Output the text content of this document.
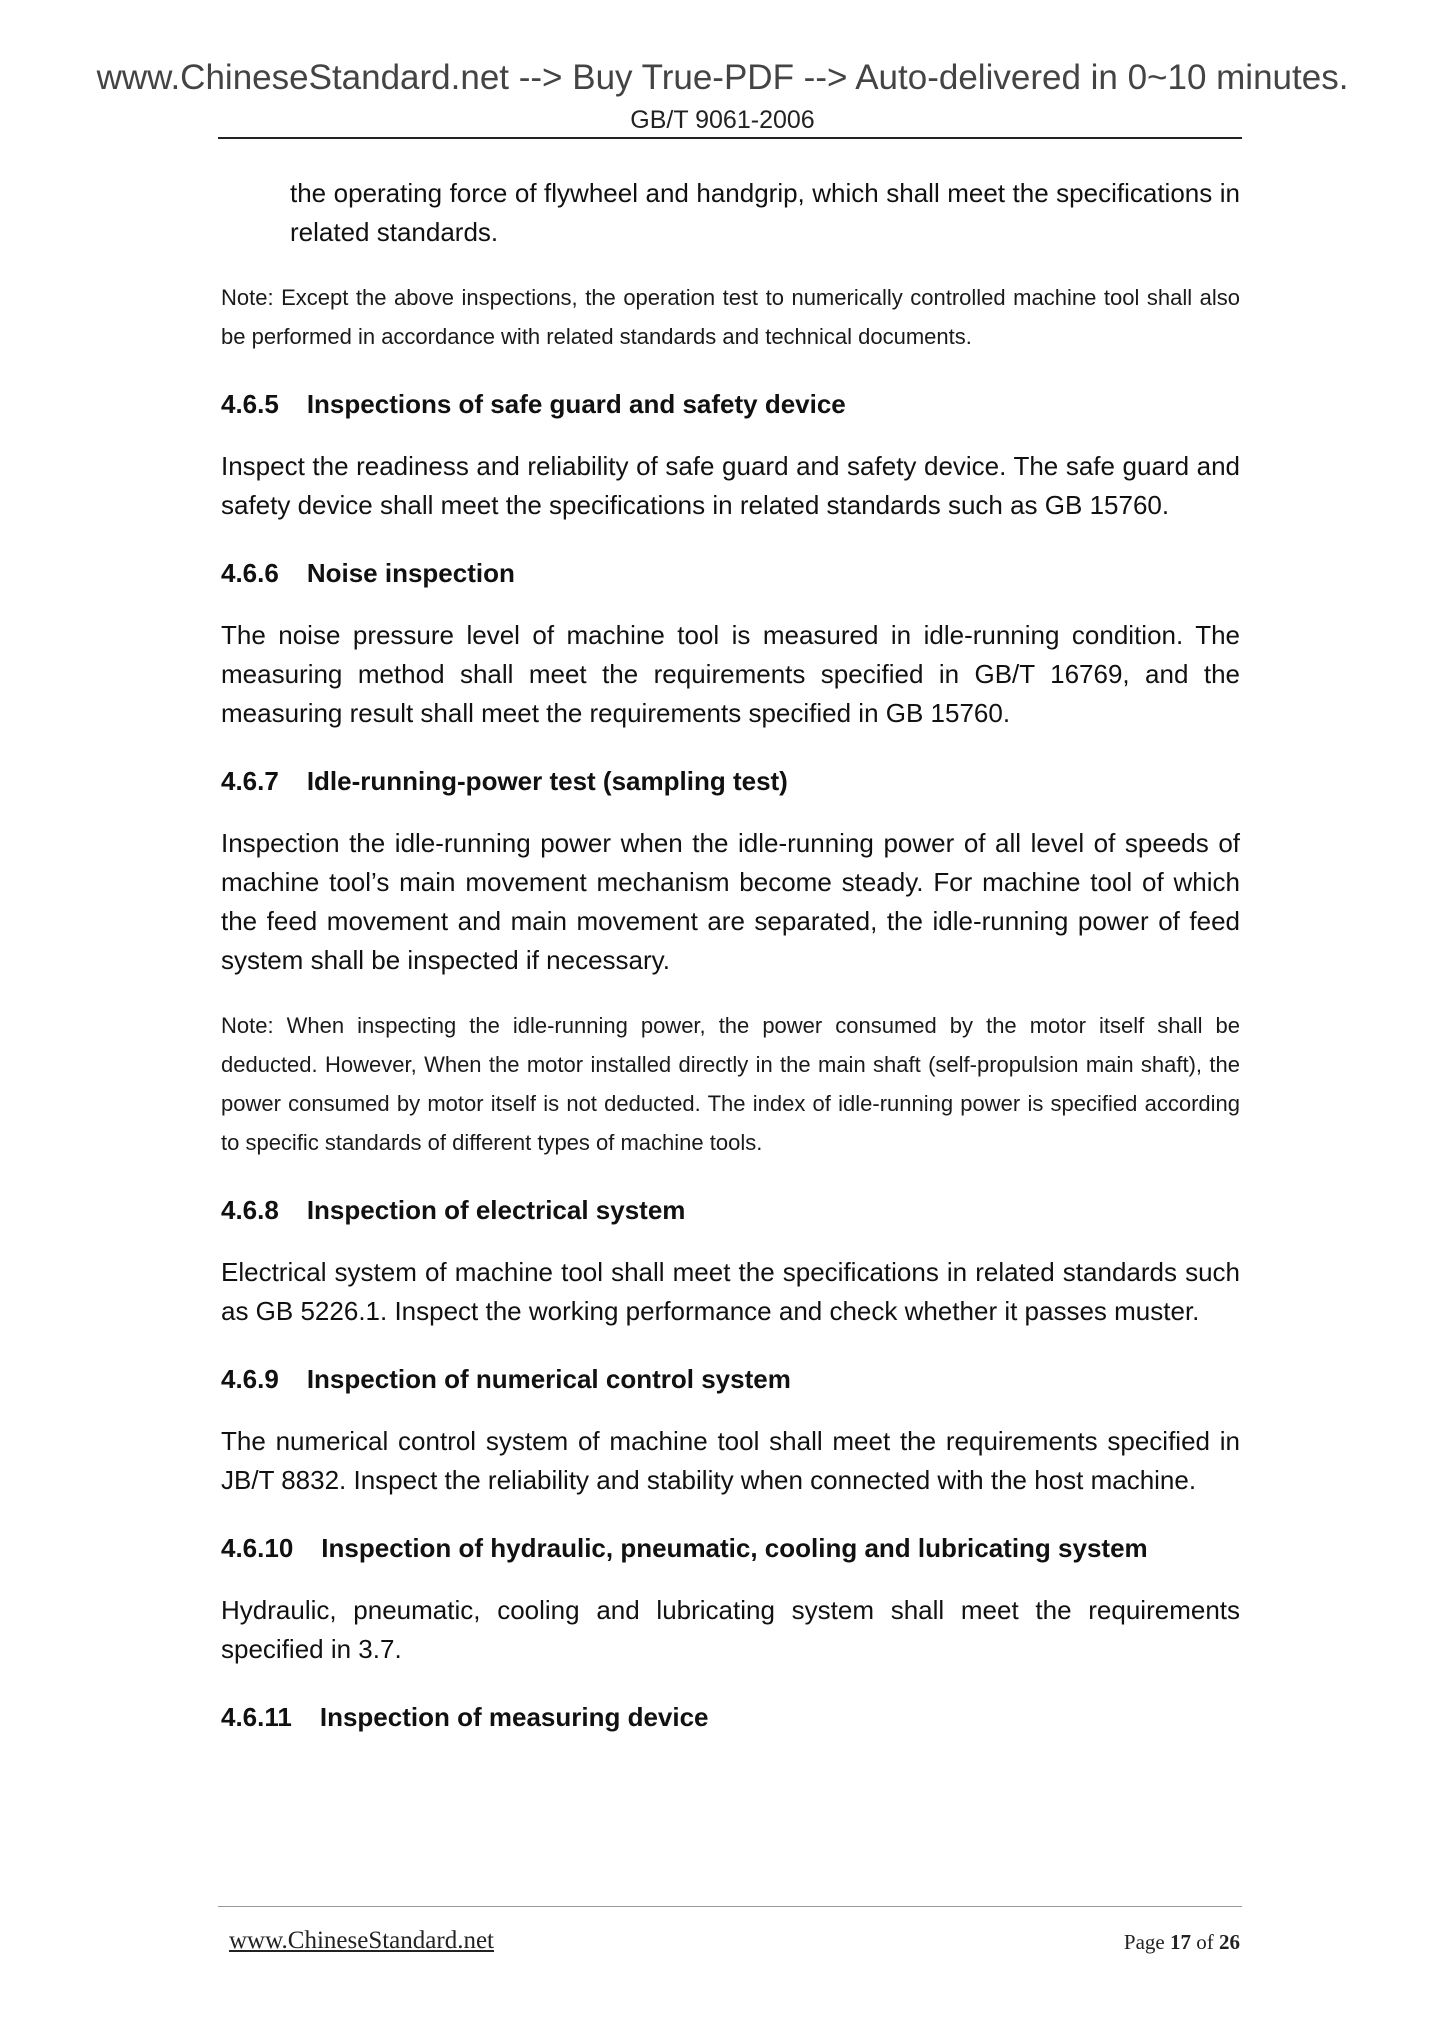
www.ChineseStandard.net --> Buy True-PDF --> Auto-delivered in 0~10 minutes.
GB/T 9061-2006

the operating force of flywheel and handgrip, which shall meet the specifications in related standards.

Note: Except the above inspections, the operation test to numerically controlled machine tool shall also be performed in accordance with related standards and technical documents.

4.6.5 Inspections of safe guard and safety device

Inspect the readiness and reliability of safe guard and safety device. The safe guard and safety device shall meet the specifications in related standards such as GB 15760.

4.6.6 Noise inspection

The noise pressure level of machine tool is measured in idle-running condition. The measuring method shall meet the requirements specified in GB/T 16769, and the measuring result shall meet the requirements specified in GB 15760.

4.6.7 Idle-running-power test (sampling test)

Inspection the idle-running power when the idle-running power of all level of speeds of machine tool’s main movement mechanism become steady. For machine tool of which the feed movement and main movement are separated, the idle-running power of feed system shall be inspected if necessary.

Note: When inspecting the idle-running power, the power consumed by the motor itself shall be deducted. However, When the motor installed directly in the main shaft (self-propulsion main shaft), the power consumed by motor itself is not deducted. The index of idle-running power is specified according to specific standards of different types of machine tools.

4.6.8 Inspection of electrical system

Electrical system of machine tool shall meet the specifications in related standards such as GB 5226.1. Inspect the working performance and check whether it passes muster.

4.6.9 Inspection of numerical control system

The numerical control system of machine tool shall meet the requirements specified in JB/T 8832. Inspect the reliability and stability when connected with the host machine.

4.6.10 Inspection of hydraulic, pneumatic, cooling and lubricating system

Hydraulic, pneumatic, cooling and lubricating system shall meet the requirements specified in 3.7.

4.6.11 Inspection of measuring device
www.ChineseStandard.net	Page 17 of 26
